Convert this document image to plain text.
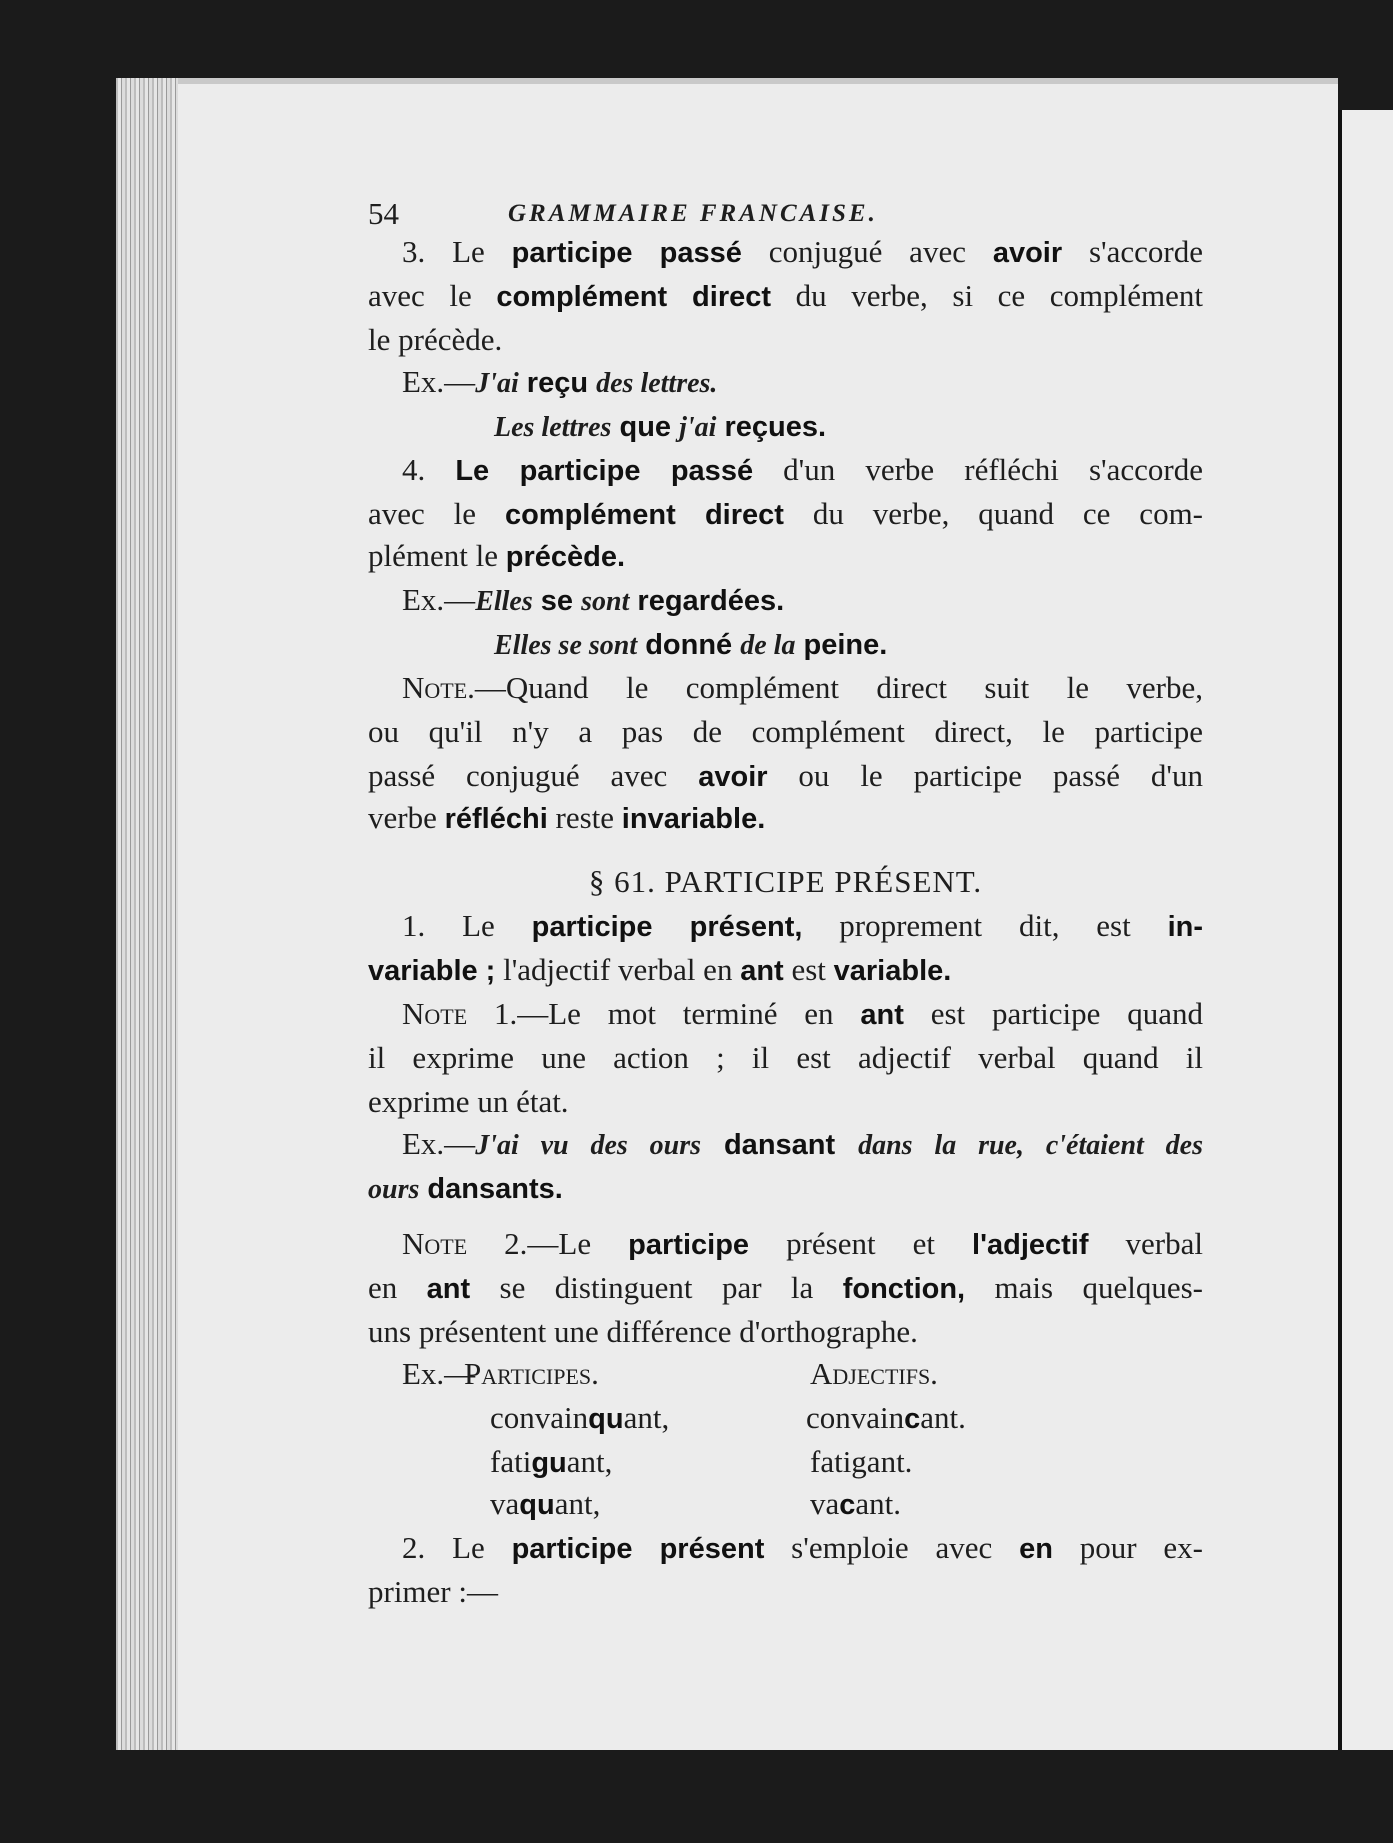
54	GRAMMAIRE FRANCAISE.
3. Le participe passé conjugué avec avoir s'accorde
avec le complément direct du verbe, si ce complément
le précède.
Ex.—J'ai reçu des lettres.
Les lettres que j'ai reçues.
4. Le participe passé d'un verbe réfléchi s'accorde
avec le complément direct du verbe, quand ce com-
plément le précède.
Ex.—Elles se sont regardées.
Elles se sont donné de la peine.
Note.—Quand le complément direct suit le verbe,
ou qu'il n'y a pas de complément direct, le participe
passé conjugué avec avoir ou le participe passé d'un
verbe réfléchi reste invariable.
§ 61. PARTICIPE PRÉSENT.
1. Le participe présent, proprement dit, est in-
variable ; l'adjectif verbal en ant est variable.
Note 1.—Le mot terminé en ant est participe quand
il exprime une action ; il est adjectif verbal quand il
exprime un état.
Ex.—J'ai vu des ours dansant dans la rue, c'étaient des
ours dansants.
Note 2.—Le participe présent et l'adjectif verbal
en ant se distinguent par la fonction, mais quelques-
uns présentent une différence d'orthographe.
Ex.—
Participes.	Adjectifs.
convainquant,	convaincant.
fatiguant,	fatigant.
vaquant,	vacant.
2. Le participe présent s'emploie avec en pour ex-
primer :—
